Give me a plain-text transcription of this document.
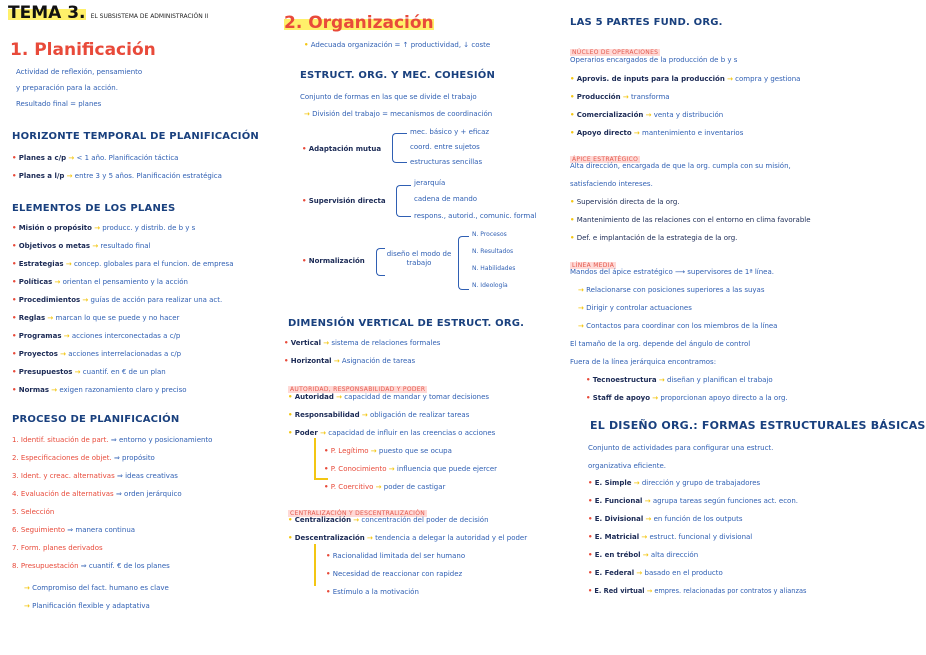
TEMA 3. EL SUBSISTEMA DE ADMINISTRACIÓN II
1. Planificación
Actividad de reflexión, pensamiento
y preparación para la acción.
Resultado final = planes
HORIZONTE TEMPORAL DE PLANIFICACIÓN
• Planes a c/p → < 1 año. Planificación táctica
• Planes a l/p → entre 3 y 5 años. Planificación estratégica
ELEMENTOS DE LOS PLANES
• Misión o propósito → producc. y distrib. de b y s
• Objetivos o metas → resultado final
• Estrategias → concep. globales para el funcion. de empresa
• Políticas → orientan el pensamiento y la acción
• Procedimientos → guías de acción para realizar una act.
• Reglas → marcan lo que se puede y no hacer
• Programas → acciones interconectadas a c/p
• Proyectos → acciones interrelacionadas a c/p
• Presupuestos → cuantif. en € de un plan
• Normas → exigen razonamiento claro y preciso
PROCESO DE PLANIFICACIÓN
1. Identif. situación de part. ⇒ entorno y posicionamiento
2. Especificaciones de objet. ⇒ propósito
3. Ident. y creac. alternativas ⇒ ideas creativas
4. Evaluación de alternativas ⇒ orden jerárquico
5. Selección
6. Seguimiento ⇒ manera continua
7. Form. planes derivados
8. Presupuestación ⇒ cuantif. € de los planes
→ Compromiso del fact. humano es clave
→ Planificación flexible y adaptativa
2. Organización
• Adecuada organización = ↑ productividad, ↓ coste
ESTRUCT. ORG. Y MEC. COHESIÓN
Conjunto de formas en las que se divide el trabajo
→ División del trabajo = mecanismos de coordinación
• Adaptación mutua
mec. básico y + eficaz
coord. entre sujetos
estructuras sencillas
• Supervisión directa
jerarquía
cadena de mando
respons., autorid., comunic. formal
• Normalización
diseño el modo de trabajo
N. Procesos
N. Resultados
N. Habilidades
N. Ideología
DIMENSIÓN VERTICAL DE ESTRUCT. ORG.
• Vertical → sistema de relaciones formales
• Horizontal → Asignación de tareas
AUTORIDAD, RESPONSABILIDAD Y PODER
• Autoridad → capacidad de mandar y tomar decisiones
• Responsabilidad → obligación de realizar tareas
• Poder → capacidad de influir en las creencias o acciones
• P. Legítimo → puesto que se ocupa
• P. Conocimiento → influencia que puede ejercer
• P. Coercitivo → poder de castigar
CENTRALIZACIÓN Y DESCENTRALIZACIÓN
• Centralización → concentración del poder de decisión
• Descentralización → tendencia a delegar la autoridad y el poder
• Racionalidad limitada del ser humano
• Necesidad de reaccionar con rapidez
• Estímulo a la motivación
LAS 5 PARTES FUND. ORG.
NÚCLEO DE OPERACIONES
Operarios encargados de la producción de b y s
• Aprovis. de inputs para la producción → compra y gestiona
• Producción → transforma
• Comercialización → venta y distribución
• Apoyo directo → mantenimiento e inventarios
ÁPICE ESTRATÉGICO
Alta dirección, encargada de que la org. cumpla con su misión,
satisfaciendo intereses.
• Supervisión directa de la org.
• Mantenimiento de las relaciones con el entorno en clima favorable
• Def. e implantación de la estrategia de la org.
LÍNEA MEDIA
Mandos del ápice estratégico ⟶ supervisores de 1ª línea.
→ Relacionarse con posiciones superiores a las suyas
→ Dirigir y controlar actuaciones
→ Contactos para coordinar con los miembros de la línea
El tamaño de la org. depende del ángulo de control
Fuera de la línea jerárquica encontramos:
• Tecnoestructura → diseñan y planifican el trabajo
• Staff de apoyo → proporcionan apoyo directo a la org.
EL DISEÑO ORG.: FORMAS ESTRUCTURALES BÁSICAS
Conjunto de actividades para configurar una estruct.
organizativa eficiente.
• E. Simple → dirección y grupo de trabajadores
• E. Funcional → agrupa tareas según funciones act. econ.
• E. Divisional → en función de los outputs
• E. Matricial → estruct. funcional y divisional
• E. en trébol → alta dirección
• E. Federal → basado en el producto
• E. Red virtual → empres. relacionadas por contratos y alianzas
